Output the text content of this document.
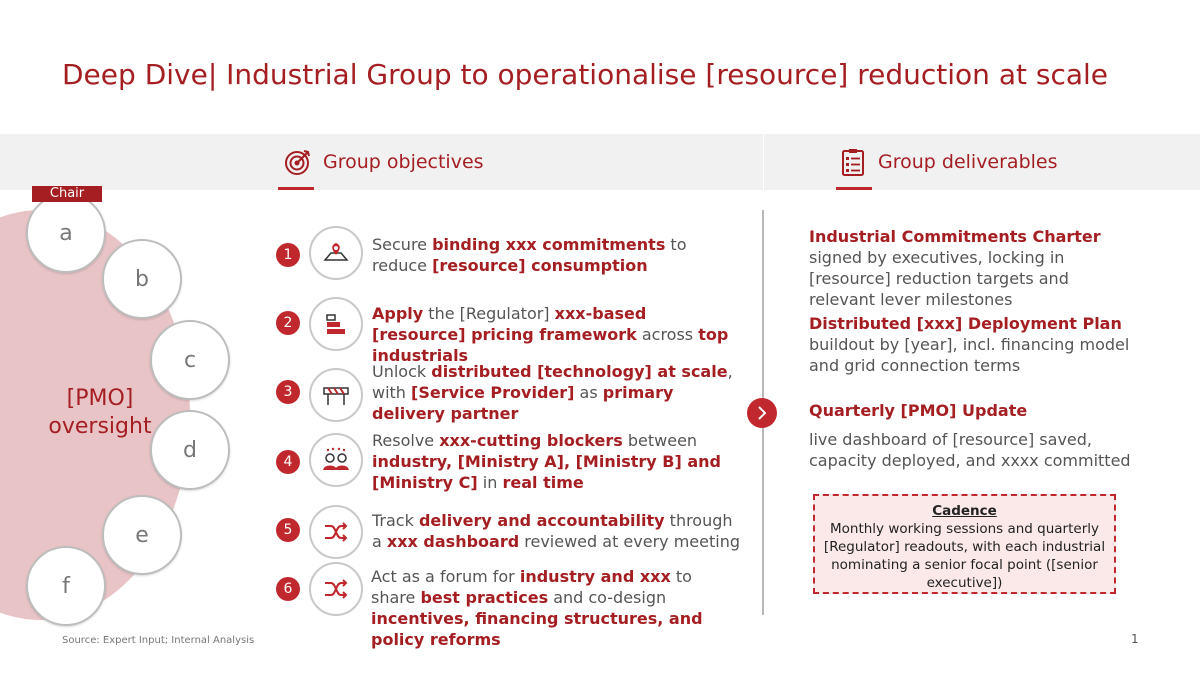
Deep Dive| Industrial Group to operationalise [resource] reduction at scale
Group objectives	Group deliverables
[PMO]
oversight
a
Chair
b
c
d
e
f
1
Secure binding xxx commitments to reduce [resource] consumption
2	Apply the [Regulator] xxx-based [resource] pricing framework across top industrials
3
Unlock distributed [technology] at scale, with [Service Provider] as primary delivery partner
4
Resolve xxx-cutting blockers between industry, [Ministry A], [Ministry B] and [Ministry C] in real time
5	Track delivery and accountability through a xxx dashboard reviewed at every meeting
6
Act as a forum for industry and xxx to share best practices and co-design incentives, financing structures, and policy reforms
Industrial Commitments Charter
signed by executives, locking in [resource] reduction targets and relevant lever milestones
Distributed [xxx] Deployment Plan
buildout by [year], incl. financing model and grid connection terms
Quarterly [PMO] Update
live dashboard of [resource] saved, capacity deployed, and xxxx committed
Cadence
Monthly working sessions and quarterly [Regulator] readouts, with each industrial nominating a senior focal point ([senior executive])
Source: Expert Input; Internal Analysis	1
